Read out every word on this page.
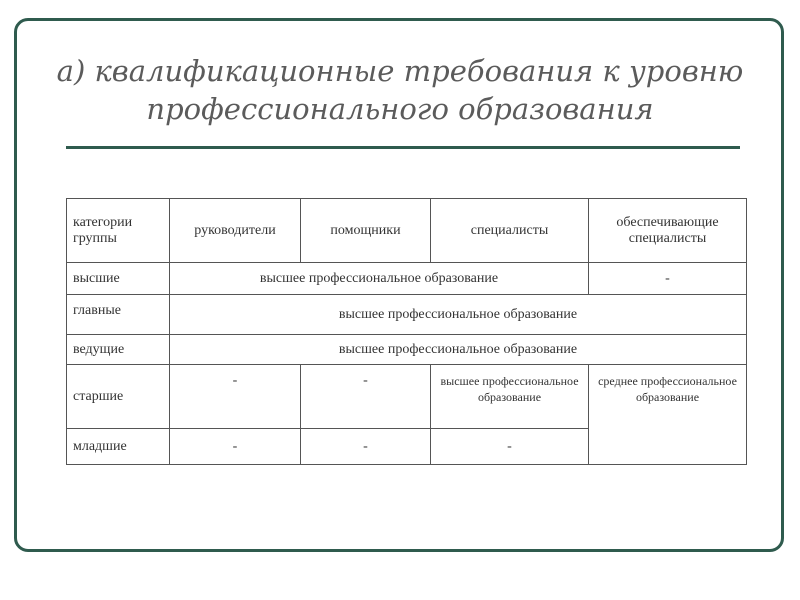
а) квалификационные требования к уровню
профессионального образования
категории группы	руководители	помощники	специалисты	обеспечивающие специалисты
высшие	высшее профессиональное образование			-
главные	высшее профессиональное образование			
ведущие	высшее профессиональное образование			
старшие	-	-	высшее профессиональное образование	среднее профессиональное образование
младшие	-	-	-	
